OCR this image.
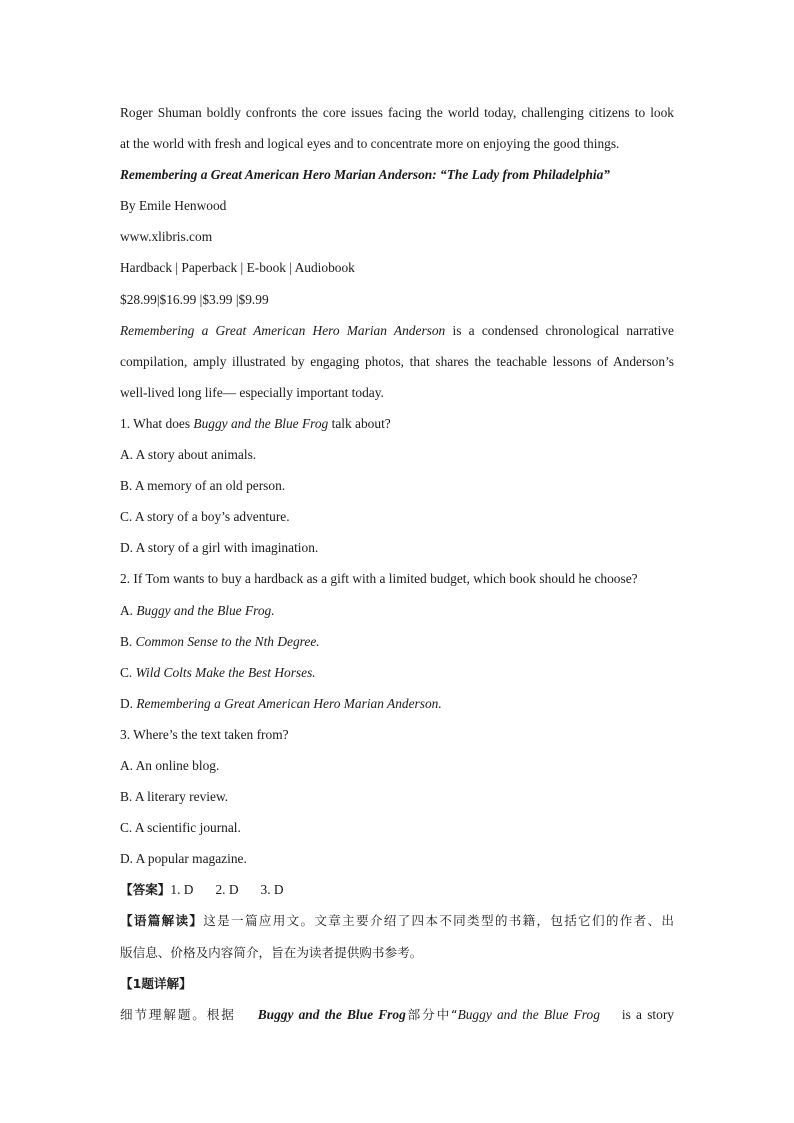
Roger Shuman boldly confronts the core issues facing the world today, challenging citizens to look
at the world with fresh and logical eyes and to concentrate more on enjoying the good things.
Remembering a Great American Hero Marian Anderson: “The Lady from Philadelphia”
By Emile Henwood
www.xlibris.com
Hardback | Paperback | E-book | Audiobook
$28.99|$16.99 |$3.99 |$9.99
Remembering a Great American Hero Marian Anderson is a condensed chronological narrative
compilation, amply illustrated by engaging photos, that shares the teachable lessons of Anderson’s
well-lived long life— especially important today.
1. What does Buggy and the Blue Frog talk about?
A. A story about animals.
B. A memory of an old person.
C. A story of a boy’s adventure.
D. A story of a girl with imagination.
2. If Tom wants to buy a hardback as a gift with a limited budget, which book should he choose?
A. Buggy and the Blue Frog.
B. Common Sense to the Nth Degree.
C. Wild Colts Make the Best Horses.
D. Remembering a Great American Hero Marian Anderson.
3. Where’s the text taken from?
A. An online blog.
B. A literary review.
C. A scientific journal.
D. A popular magazine.
【答案】1. D 2. D 3. D
【语篇解读】这是一篇应用文。文章主要介绍了四本不同类型的书籍，包括它们的作者、出
版信息、价格及内容简介，旨在为读者提供购书参考。
【1题详解】
细节理解题。根据 Buggy and the Blue Frog部分中“Buggy and the Blue Frog is a story
